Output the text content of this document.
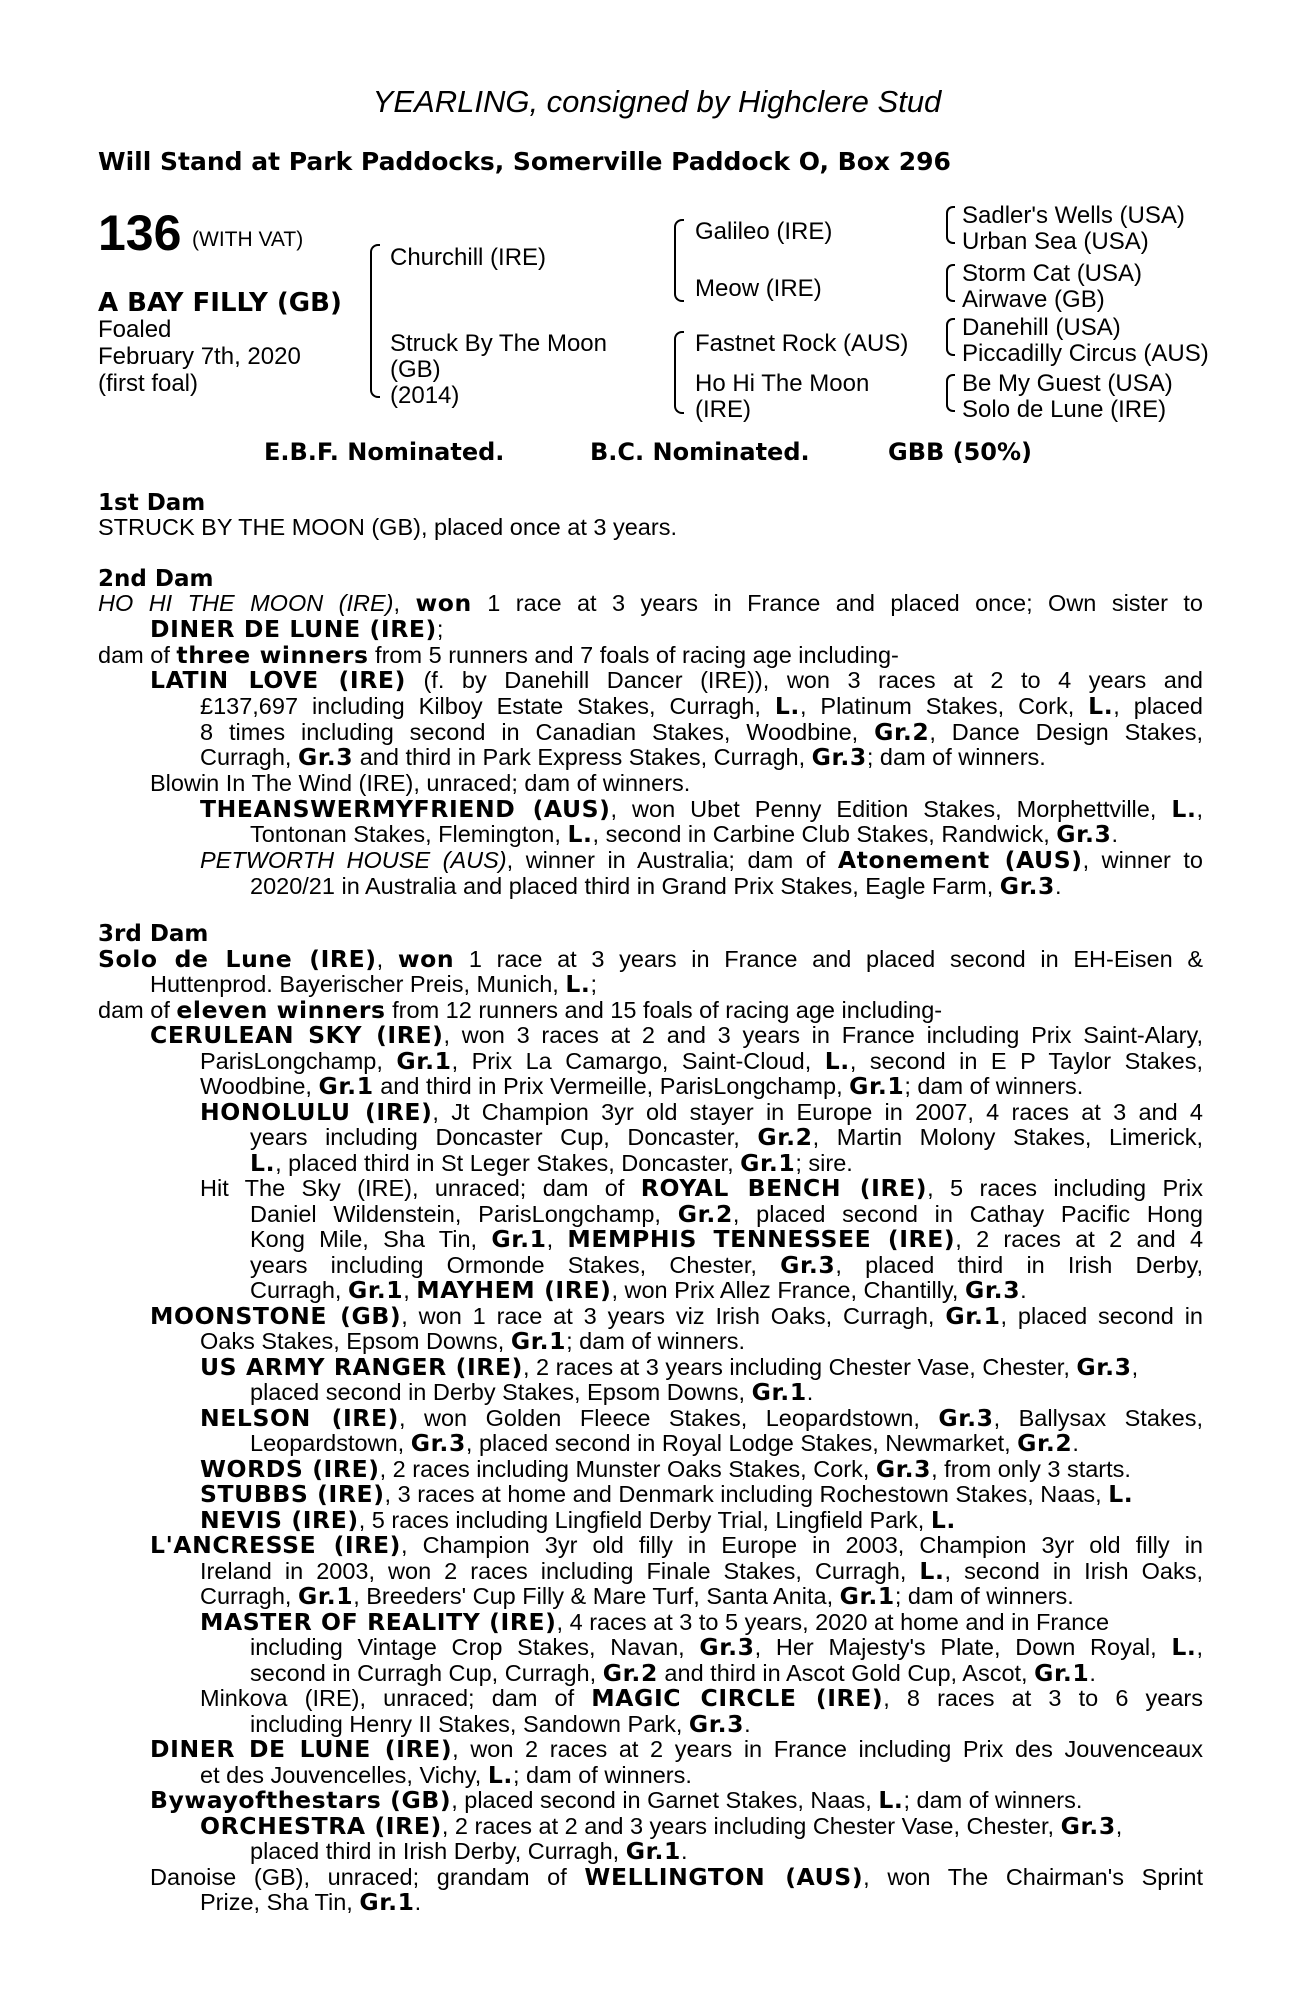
YEARLING, consigned by Highclere Stud
Will Stand at Park Paddocks, Somerville Paddock O, Box 296
136 (WITH VAT)
A BAY FILLY (GB)
Foaled
February 7th, 2020
(first foal)
Churchill (IRE)
Struck By The Moon
(GB)
(2014)
Galileo (IRE)
Meow (IRE)
Fastnet Rock (AUS)
Ho Hi The Moon
(IRE)
Sadler's Wells (USA)
Urban Sea (USA)
Storm Cat (USA)
Airwave (GB)
Danehill (USA)
Piccadilly Circus (AUS)
Be My Guest (USA)
Solo de Lune (IRE)
E.B.F. Nominated.	B.C. Nominated.	GBB (50%)
1st Dam
STRUCK BY THE MOON (GB), placed once at 3 years.
2nd Dam
HO HI THE MOON (IRE), won 1 race at 3 years in France and placed once; Own sister to
DINER DE LUNE (IRE);
dam of three winners from 5 runners and 7 foals of racing age including-
LATIN LOVE (IRE) (f. by Danehill Dancer (IRE)), won 3 races at 2 to 4 years and
£137,697 including Kilboy Estate Stakes, Curragh, L., Platinum Stakes, Cork, L., placed
8 times including second in Canadian Stakes, Woodbine, Gr.2, Dance Design Stakes,
Curragh, Gr.3 and third in Park Express Stakes, Curragh, Gr.3; dam of winners.
Blowin In The Wind (IRE), unraced; dam of winners.
THEANSWERMYFRIEND (AUS), won Ubet Penny Edition Stakes, Morphettville, L.,
Tontonan Stakes, Flemington, L., second in Carbine Club Stakes, Randwick, Gr.3.
PETWORTH HOUSE (AUS), winner in Australia; dam of Atonement (AUS), winner to
2020/21 in Australia and placed third in Grand Prix Stakes, Eagle Farm, Gr.3.
3rd Dam
Solo de Lune (IRE), won 1 race at 3 years in France and placed second in EH-Eisen &
Huttenprod. Bayerischer Preis, Munich, L.;
dam of eleven winners from 12 runners and 15 foals of racing age including-
CERULEAN SKY (IRE), won 3 races at 2 and 3 years in France including Prix Saint-Alary,
ParisLongchamp, Gr.1, Prix La Camargo, Saint-Cloud, L., second in E P Taylor Stakes,
Woodbine, Gr.1 and third in Prix Vermeille, ParisLongchamp, Gr.1; dam of winners.
HONOLULU (IRE), Jt Champion 3yr old stayer in Europe in 2007, 4 races at 3 and 4
years including Doncaster Cup, Doncaster, Gr.2, Martin Molony Stakes, Limerick,
L., placed third in St Leger Stakes, Doncaster, Gr.1; sire.
Hit The Sky (IRE), unraced; dam of ROYAL BENCH (IRE), 5 races including Prix
Daniel Wildenstein, ParisLongchamp, Gr.2, placed second in Cathay Pacific Hong
Kong Mile, Sha Tin, Gr.1, MEMPHIS TENNESSEE (IRE), 2 races at 2 and 4
years including Ormonde Stakes, Chester, Gr.3, placed third in Irish Derby,
Curragh, Gr.1, MAYHEM (IRE), won Prix Allez France, Chantilly, Gr.3.
MOONSTONE (GB), won 1 race at 3 years viz Irish Oaks, Curragh, Gr.1, placed second in
Oaks Stakes, Epsom Downs, Gr.1; dam of winners.
US ARMY RANGER (IRE), 2 races at 3 years including Chester Vase, Chester, Gr.3,
placed second in Derby Stakes, Epsom Downs, Gr.1.
NELSON (IRE), won Golden Fleece Stakes, Leopardstown, Gr.3, Ballysax Stakes,
Leopardstown, Gr.3, placed second in Royal Lodge Stakes, Newmarket, Gr.2.
WORDS (IRE), 2 races including Munster Oaks Stakes, Cork, Gr.3, from only 3 starts.
STUBBS (IRE), 3 races at home and Denmark including Rochestown Stakes, Naas, L.
NEVIS (IRE), 5 races including Lingfield Derby Trial, Lingfield Park, L.
L'ANCRESSE (IRE), Champion 3yr old filly in Europe in 2003, Champion 3yr old filly in
Ireland in 2003, won 2 races including Finale Stakes, Curragh, L., second in Irish Oaks,
Curragh, Gr.1, Breeders' Cup Filly & Mare Turf, Santa Anita, Gr.1; dam of winners.
MASTER OF REALITY (IRE), 4 races at 3 to 5 years, 2020 at home and in France
including Vintage Crop Stakes, Navan, Gr.3, Her Majesty's Plate, Down Royal, L.,
second in Curragh Cup, Curragh, Gr.2 and third in Ascot Gold Cup, Ascot, Gr.1.
Minkova (IRE), unraced; dam of MAGIC CIRCLE (IRE), 8 races at 3 to 6 years
including Henry II Stakes, Sandown Park, Gr.3.
DINER DE LUNE (IRE), won 2 races at 2 years in France including Prix des Jouvenceaux
et des Jouvencelles, Vichy, L.; dam of winners.
Bywayofthestars (GB), placed second in Garnet Stakes, Naas, L.; dam of winners.
ORCHESTRA (IRE), 2 races at 2 and 3 years including Chester Vase, Chester, Gr.3,
placed third in Irish Derby, Curragh, Gr.1.
Danoise (GB), unraced; grandam of WELLINGTON (AUS), won The Chairman's Sprint
Prize, Sha Tin, Gr.1.
